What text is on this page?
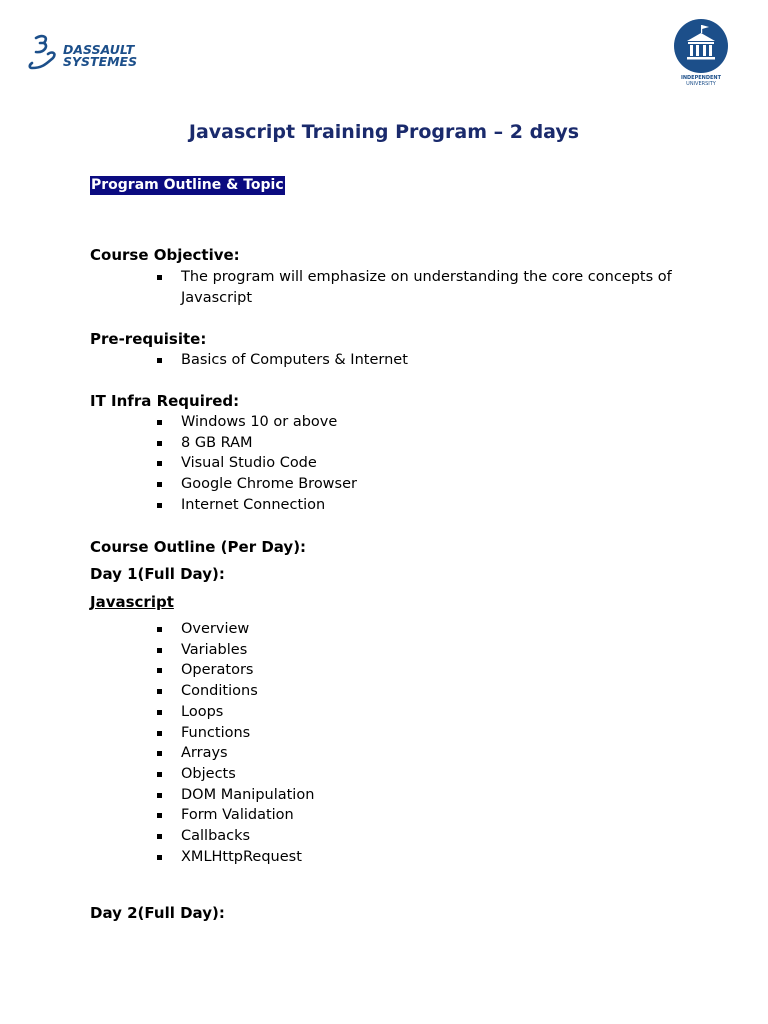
DASSAULT
SYSTEMES
INDEPENDENT
UNIVERSITY
Javascript Training Program – 2 days
Program Outline & Topic
Course Objective:
The program will emphasize on understanding the core concepts of Javascript
Pre-requisite:
Basics of Computers & Internet
IT Infra Required:
Windows 10 or above
8 GB RAM
Visual Studio Code
Google Chrome Browser
Internet Connection
Course Outline (Per Day):
Day 1(Full Day):
Javascript
Overview
Variables
Operators
Conditions
Loops
Functions
Arrays
Objects
DOM Manipulation
Form Validation
Callbacks
XMLHttpRequest
Day 2(Full Day):
